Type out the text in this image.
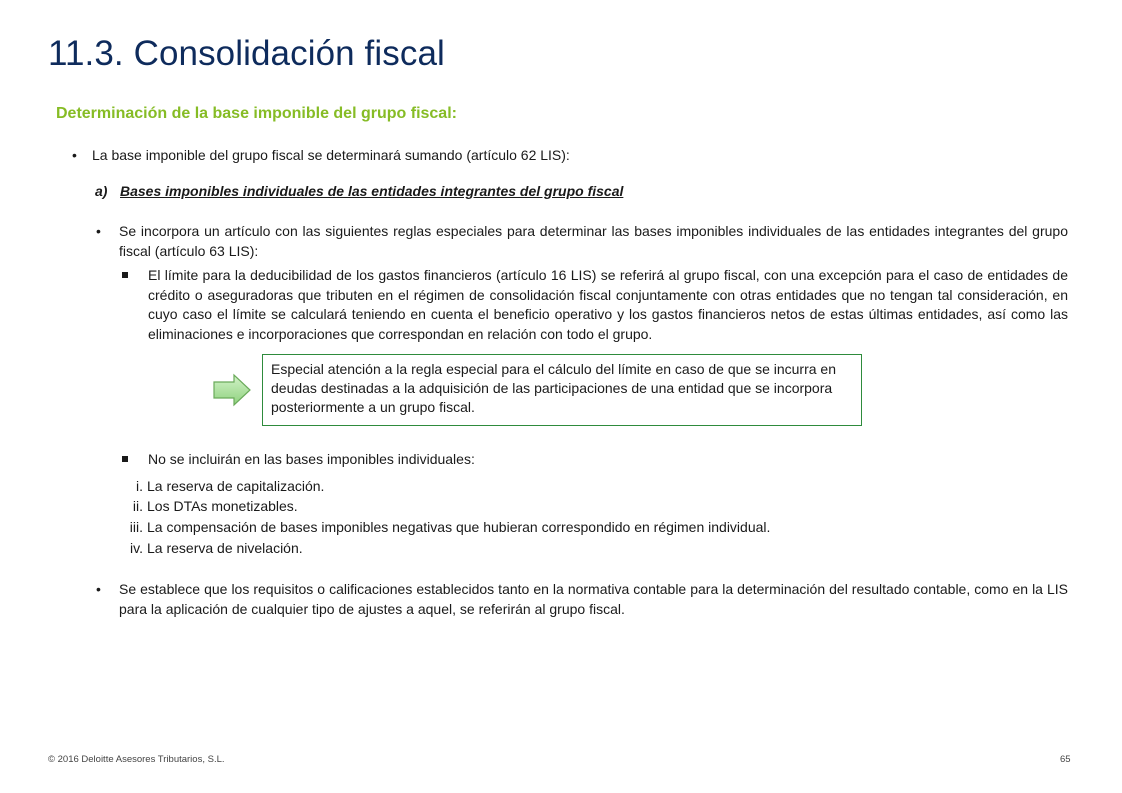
11.3. Consolidación fiscal
Determinación de la base imponible del grupo fiscal:
•	La base imponible del grupo fiscal se determinará sumando (artículo 62 LIS):
a) Bases imponibles individuales de las entidades integrantes del grupo fiscal
•	Se incorpora un artículo con las siguientes reglas especiales para determinar las bases imponibles individuales de las entidades integrantes del grupo fiscal (artículo 63 LIS):
El límite para la deducibilidad de los gastos financieros (artículo 16 LIS) se referirá al grupo fiscal, con una excepción para el caso de entidades de crédito o aseguradoras que tributen en el régimen de consolidación fiscal conjuntamente con otras entidades que no tengan tal consideración, en cuyo caso el límite se calculará teniendo en cuenta el beneficio operativo y los gastos financieros netos de estas últimas entidades, así como las eliminaciones e incorporaciones que correspondan en relación con todo el grupo.
Especial atención a la regla especial para el cálculo del límite en caso de que se incurra en deudas destinadas a la adquisición de las participaciones de una entidad que se incorpora posteriormente a un grupo fiscal.
No se incluirán en las bases imponibles individuales:
i. La reserva de capitalización.
ii. Los DTAs monetizables.
iii. La compensación de bases imponibles negativas que hubieran correspondido en régimen individual.
iv. La reserva de nivelación.
•	Se establece que los requisitos o calificaciones establecidos tanto en la normativa contable para la determinación del resultado contable, como en la LIS para la aplicación de cualquier tipo de ajustes a aquel, se referirán al grupo fiscal.
© 2016 Deloitte Asesores Tributarios, S.L.	65
